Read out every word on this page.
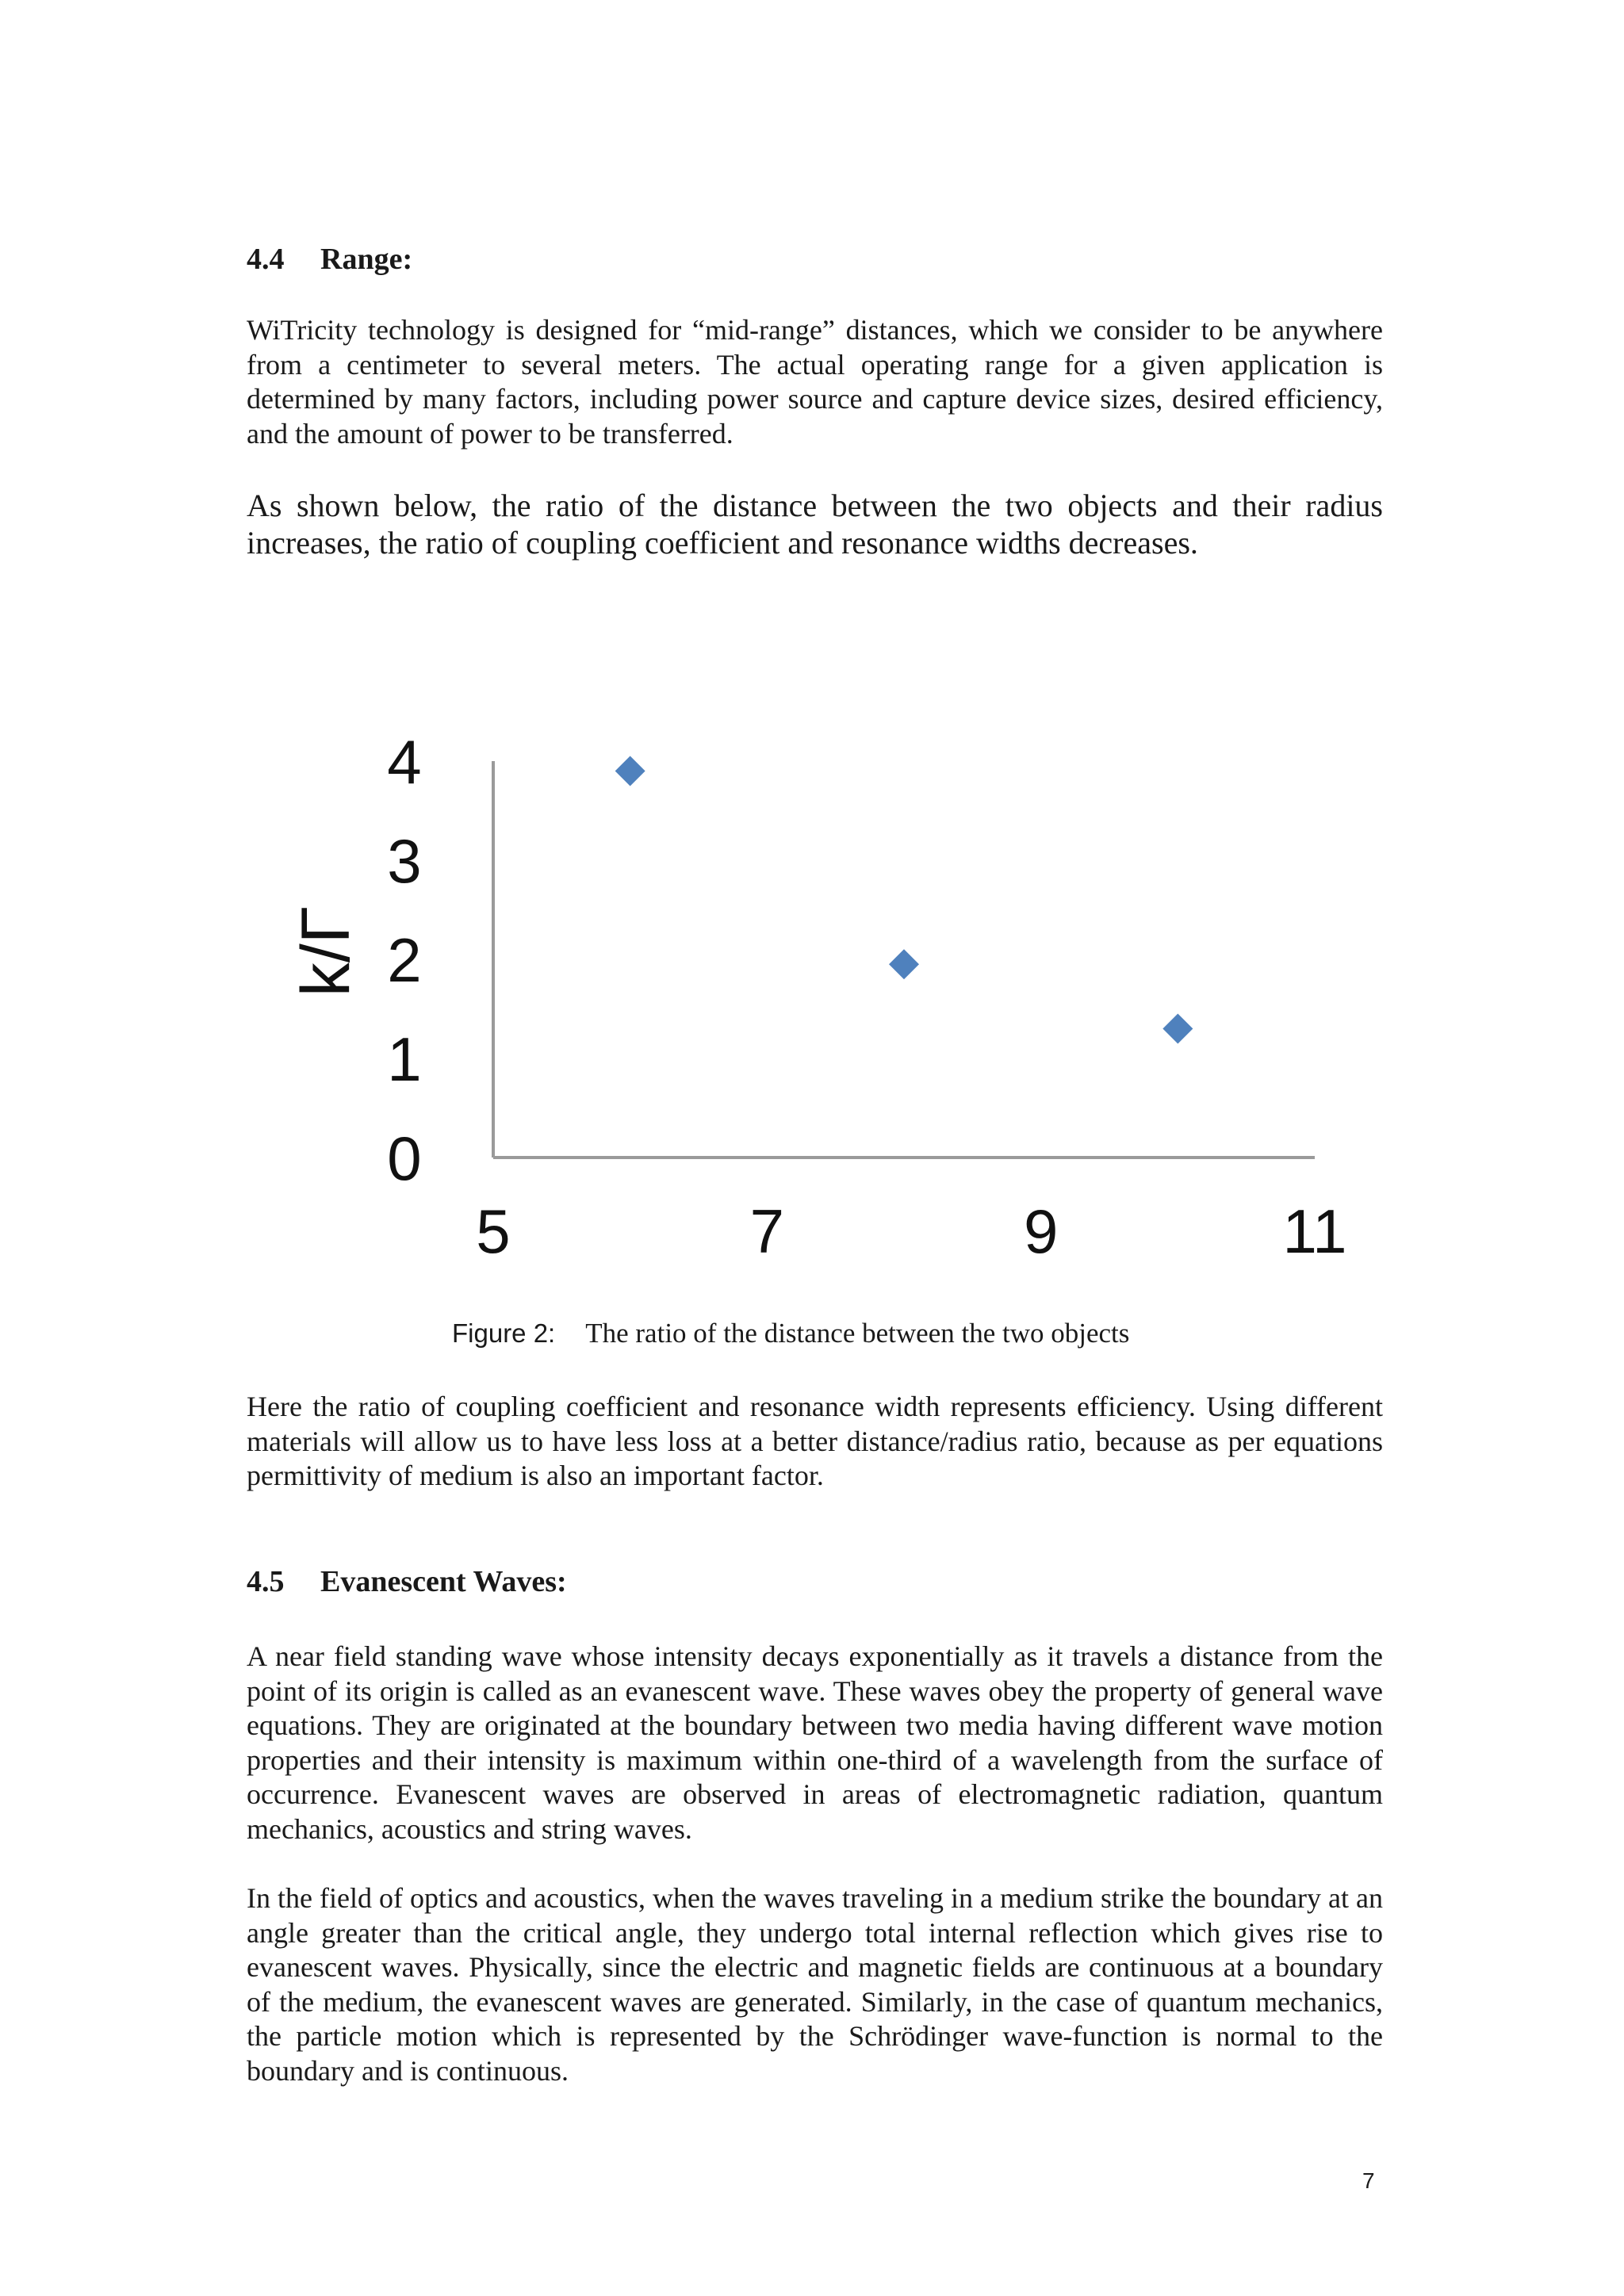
4.4 Range:

WiTricity technology is designed for “mid-range” distances, which we consider to be anywhere from a centimeter to several meters. The actual operating range for a given application is determined by many factors, including power source and capture device sizes, desired efficiency, and the amount of power to be transferred.

As shown below, the ratio of the distance between the two objects and their radius increases, the ratio of coupling coefficient and resonance widths decreases.

5	7	9	11
0
1
2
3
4
k/Γ
Figure 2: The ratio of the distance between the two objects

Here the ratio of coupling coefficient and resonance width represents efficiency. Using different materials will allow us to have less loss at a better distance/radius ratio, because as per equations permittivity of medium is also an important factor.

4.5 Evanescent Waves:

A near field standing wave whose intensity decays exponentially as it travels a distance from the point of its origin is called as an evanescent wave. These waves obey the property of general wave equations. They are originated at the boundary between two media having different wave motion properties and their intensity is maximum within one-third of a wavelength from the surface of occurrence. Evanescent waves are observed in areas of electromagnetic radiation, quantum mechanics, acoustics and string waves.

In the field of optics and acoustics, when the waves traveling in a medium strike the boundary at an angle greater than the critical angle, they undergo total internal reflection which gives rise to evanescent waves. Physically, since the electric and magnetic fields are continuous at a boundary of the medium, the evanescent waves are generated. Similarly, in the case of quantum mechanics, the particle motion which is represented by the Schrödinger wave-function is normal to the boundary and is continuous.

7
